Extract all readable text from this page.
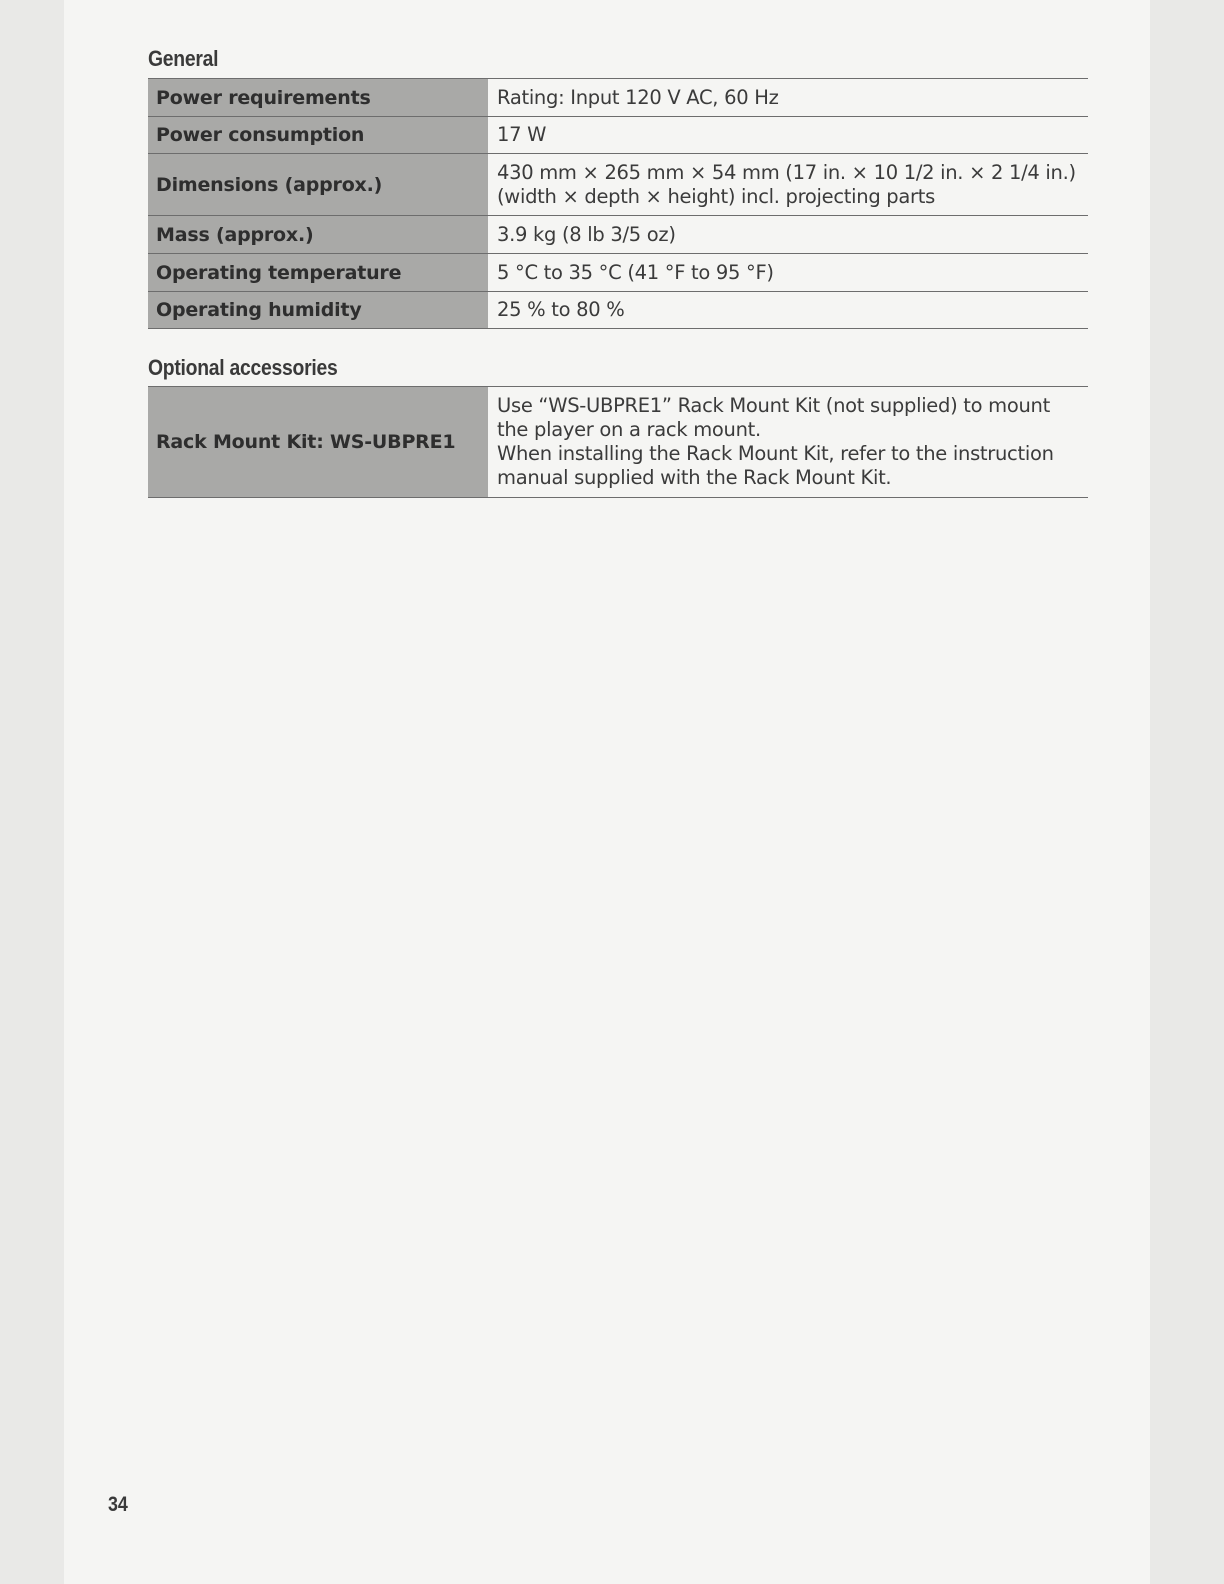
General
Power requirements	Rating: Input 120 V AC, 60 Hz

Power consumption	17 W

Dimensions (approx.)	430 mm × 265 mm × 54 mm (17 in. × 10 1/2 in. × 2 1/4 in.)
(width × depth × height) incl. projecting parts

Mass (approx.)	3.9 kg (8 lb 3/5 oz)

Operating temperature	5 °C to 35 °C (41 °F to 95 °F)

Operating humidity	25 % to 80 %
Optional accessories
Rack Mount Kit: WS-UBPRE1	
Use “WS-UBPRE1” Rack Mount Kit (not supplied) to mount
the player on a rack mount.
When installing the Rack Mount Kit, refer to the instruction
manual supplied with the Rack Mount Kit.
34
